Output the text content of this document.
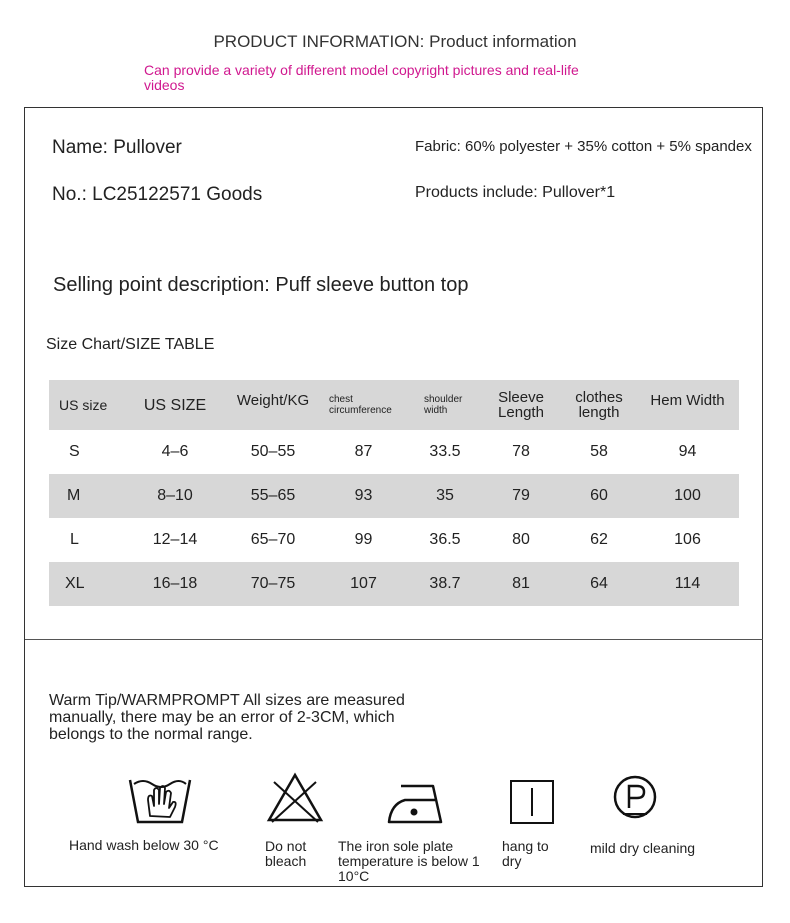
PRODUCT INFORMATION: Product information
Can provide a variety of different model copyright pictures and real-life videos
Name: Pullover	Fabric: 60% polyester + 35% cotton + 5% spandex
No.: LC25122571 Goods	Products include: Pullover*1
Selling point description: Puff sleeve button top
Size Chart/SIZE TABLE
US size	US SIZE	Weight/KG	chest circumference	shoulder width	Sleeve Length	clothes length	Hem Width
S	4–6	50–55	87	33.5	78	58	94
M	8–10	55–65	93	35	79	60	100
L	12–14	65–70	99	36.5	80	62	106
XL	16–18	70–75	107	38.7	81	64	114
Warm Tip/WARMPROMPT All sizes are measured manually, there may be an error of 2-3CM, which belongs to the normal range.
Hand wash below 30 °C	Do not bleach
The iron sole plate temperature is below 1 10°C
hang to dry
mild dry cleaning
